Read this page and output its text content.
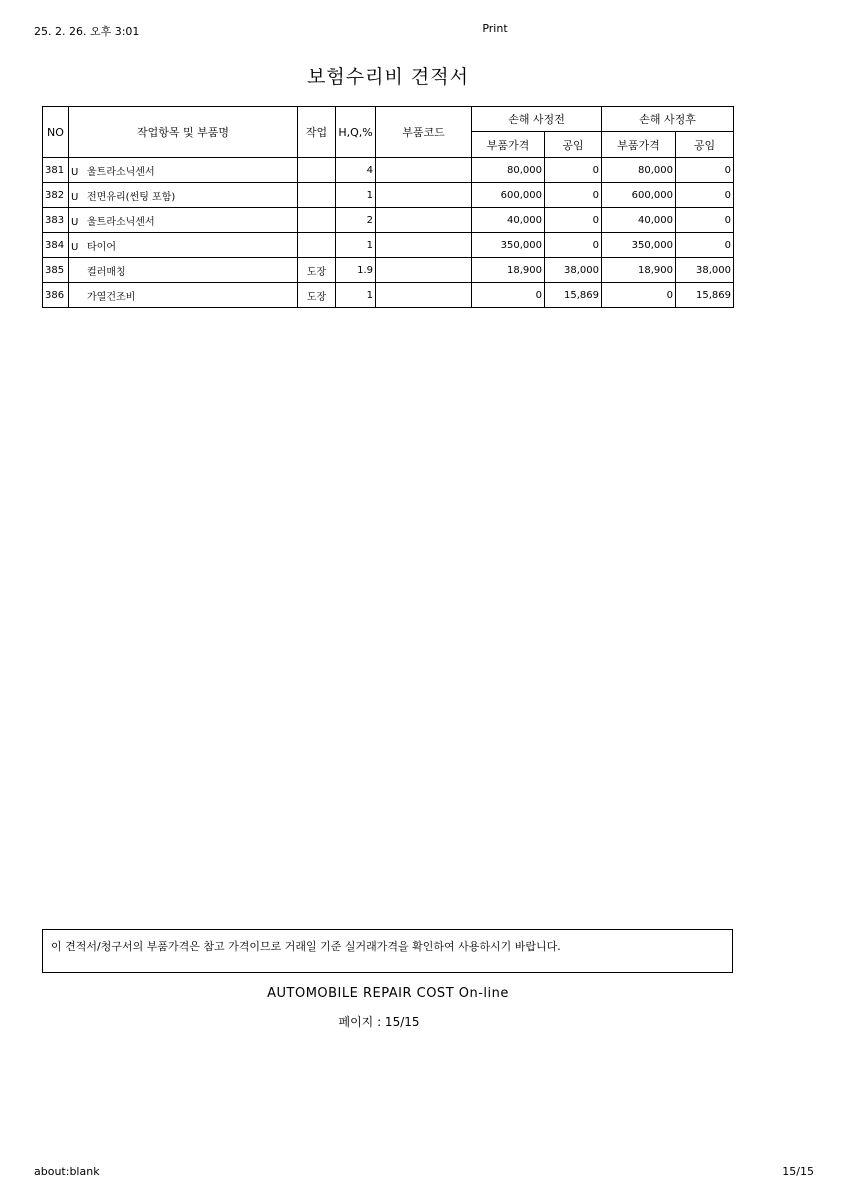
25. 2. 26. 오후 3:01	Print
보험수리비 견적서
NO	작업항목 및 부품명	작업	H,Q,%	부품코드	손해 사정전		손해 사정후	
					부품가격	공임	부품가격	공임
381	U 울트라소닉센서		4		80,000	0	80,000	0
382	U 전면유리(썬팅 포함)		1		600,000	0	600,000	0
383	U 울트라소닉센서		2		40,000	0	40,000	0
384	U 타이어		1		350,000	0	350,000	0
385	컬러매칭	도장	1.9		18,900	38,000	18,900	38,000
386	가열건조비	도장	1		0	15,869	0	15,869
이 견적서/청구서의 부품가격은 참고 가격이므로 거래일 기준 실거래가격을 확인하여 사용하시기 바랍니다.
AUTOMOBILE REPAIR COST On-line
페이지 : 15/15
about:blank	15/15
